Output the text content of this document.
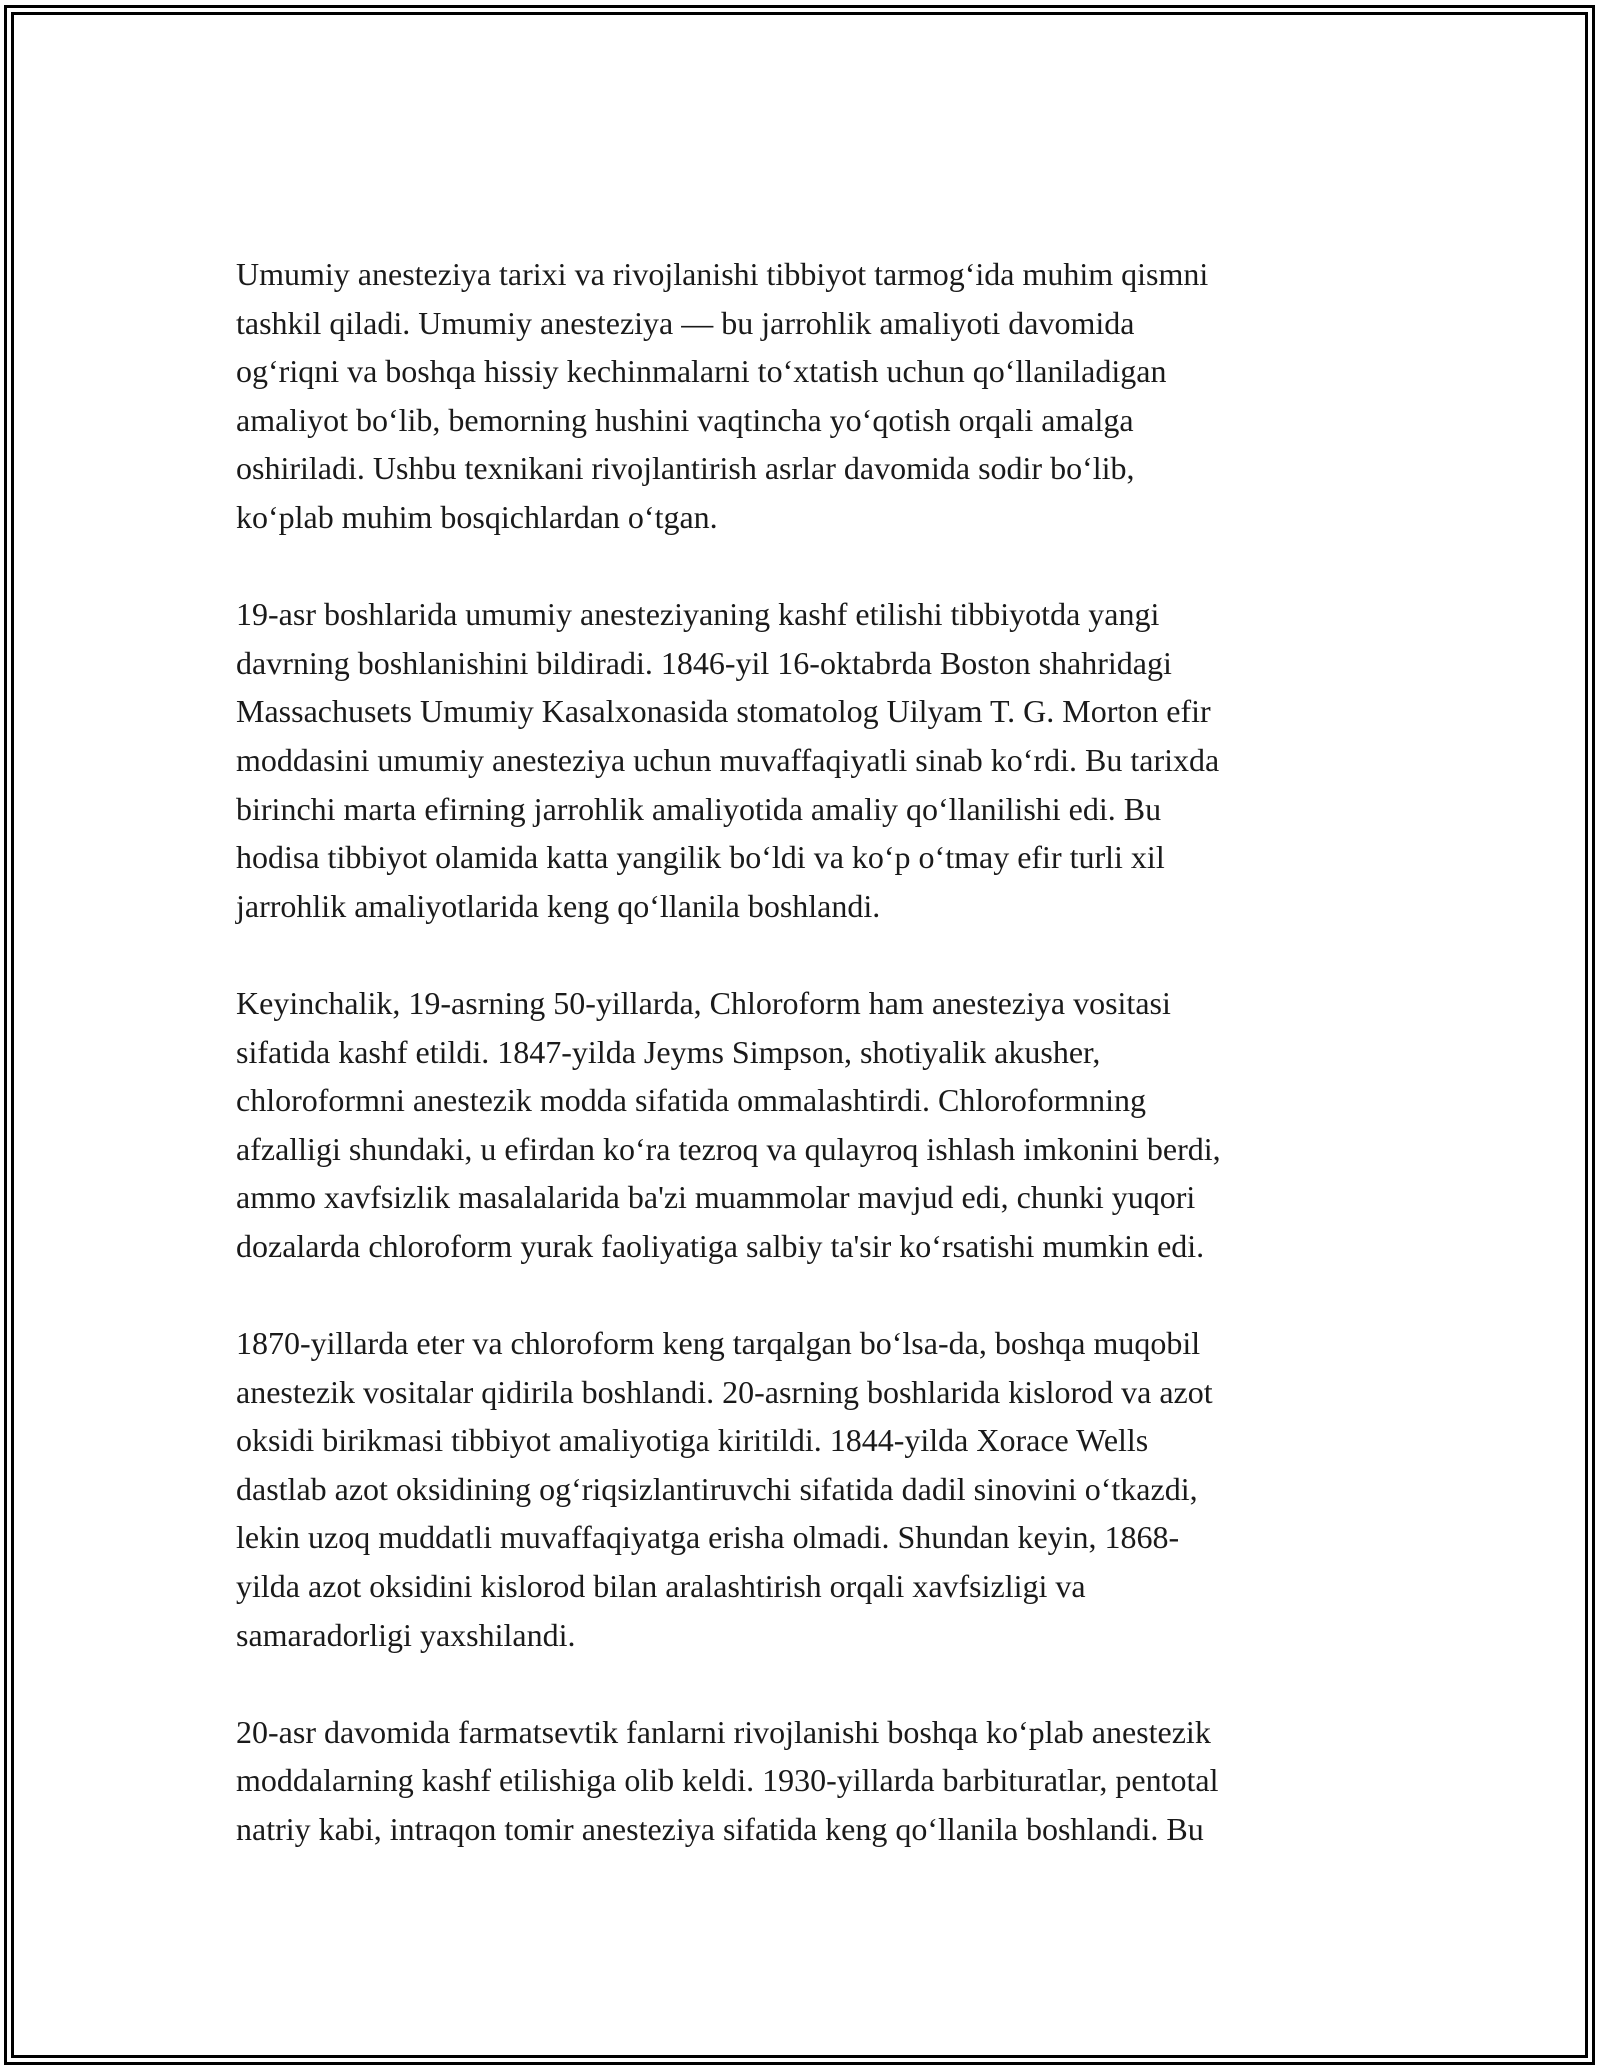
Umumiy anesteziya tarixi va rivojlanishi tibbiyot tarmog‘ida muhim qismni
tashkil qiladi. Umumiy anesteziya — bu jarrohlik amaliyoti davomida
og‘riqni va boshqa hissiy kechinmalarni to‘xtatish uchun qo‘llaniladigan
amaliyot bo‘lib, bemorning hushini vaqtincha yo‘qotish orqali amalga
oshiriladi. Ushbu texnikani rivojlantirish asrlar davomida sodir bo‘lib,
ko‘plab muhim bosqichlardan o‘tgan.

19-asr boshlarida umumiy anesteziyaning kashf etilishi tibbiyotda yangi
davrning boshlanishini bildiradi. 1846-yil 16-oktabrda Boston shahridagi
Massachusets Umumiy Kasalxonasida stomatolog Uilyam T. G. Morton efir
moddasini umumiy anesteziya uchun muvaffaqiyatli sinab ko‘rdi. Bu tarixda
birinchi marta efirning jarrohlik amaliyotida amaliy qo‘llanilishi edi. Bu
hodisa tibbiyot olamida katta yangilik bo‘ldi va ko‘p o‘tmay efir turli xil
jarrohlik amaliyotlarida keng qo‘llanila boshlandi.

Keyinchalik, 19-asrning 50-yillarda, Chloroform ham anesteziya vositasi
sifatida kashf etildi. 1847-yilda Jeyms Simpson, shotiyalik akusher,
chloroformni anestezik modda sifatida ommalashtirdi. Chloroformning
afzalligi shundaki, u efirdan ko‘ra tezroq va qulayroq ishlash imkonini berdi,
ammo xavfsizlik masalalarida ba'zi muammolar mavjud edi, chunki yuqori
dozalarda chloroform yurak faoliyatiga salbiy ta'sir ko‘rsatishi mumkin edi.

1870-yillarda eter va chloroform keng tarqalgan bo‘lsa-da, boshqa muqobil
anestezik vositalar qidirila boshlandi. 20-asrning boshlarida kislorod va azot
oksidi birikmasi tibbiyot amaliyotiga kiritildi. 1844-yilda Xorace Wells
dastlab azot oksidining og‘riqsizlantiruvchi sifatida dadil sinovini o‘tkazdi,
lekin uzoq muddatli muvaffaqiyatga erisha olmadi. Shundan keyin, 1868-
yilda azot oksidini kislorod bilan aralashtirish orqali xavfsizligi va
samaradorligi yaxshilandi.

20-asr davomida farmatsevtik fanlarni rivojlanishi boshqa ko‘plab anestezik
moddalarning kashf etilishiga olib keldi. 1930-yillarda barbituratlar, pentotal
natriy kabi, intraqon tomir anesteziya sifatida keng qo‘llanila boshlandi. Bu
